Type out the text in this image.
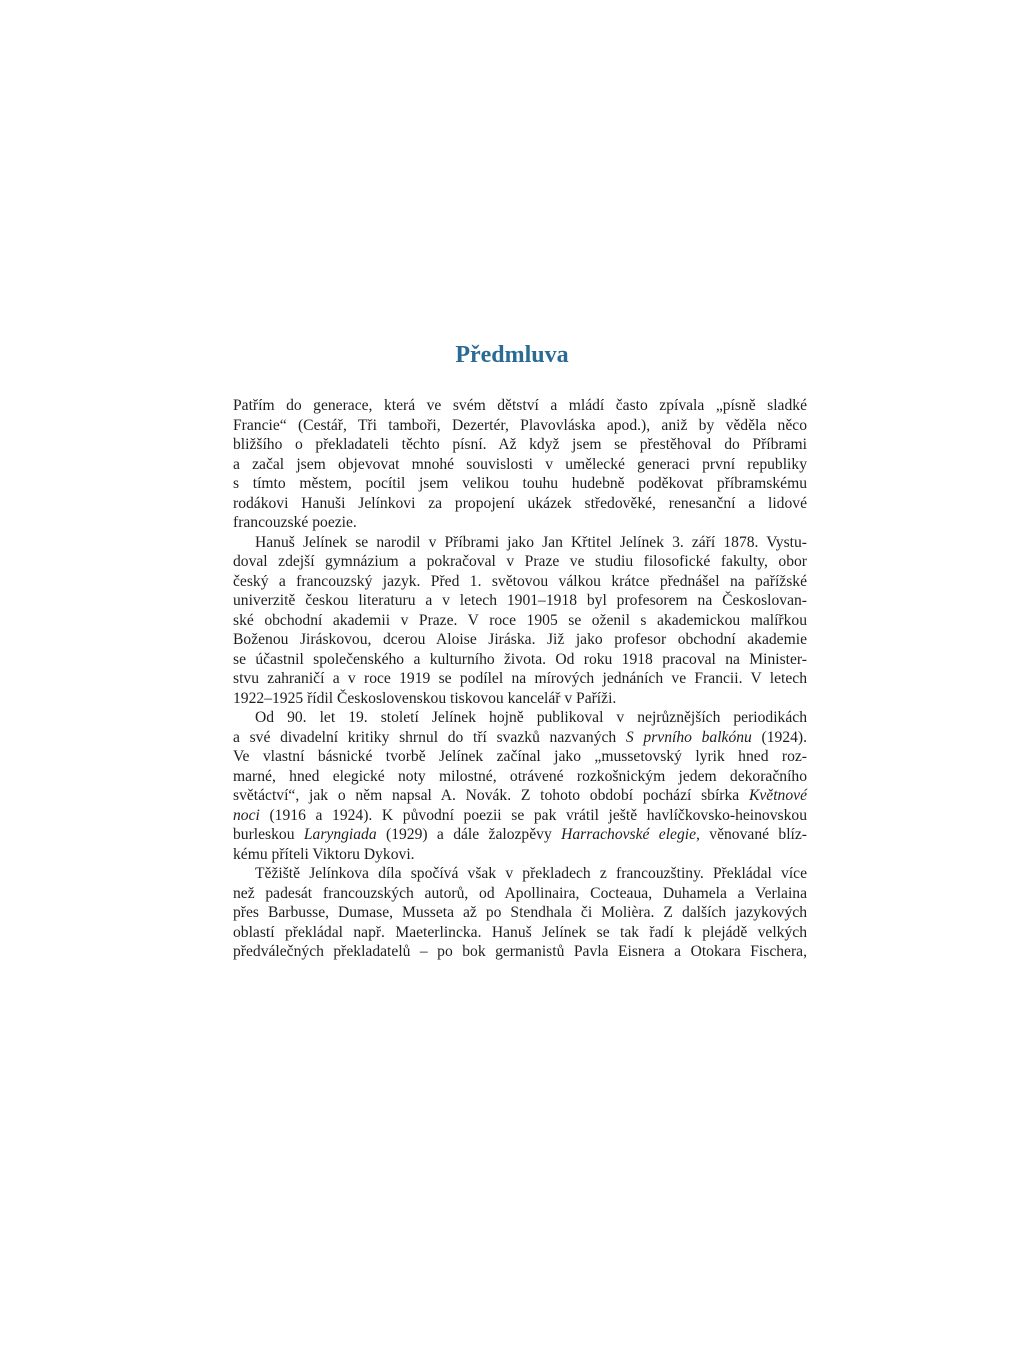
Předmluva
Patřím do generace, která ve svém dětství a mládí často zpívala „písně sladké
Francie“ (Cestář, Tři tamboři, Dezertér, Plavovláska apod.), aniž by věděla něco
bližšího o překladateli těchto písní. Až když jsem se přestěhoval do Příbrami
a začal jsem objevovat mnohé souvislosti v umělecké generaci první republiky
s tímto městem, pocítil jsem velikou touhu hudebně poděkovat příbramskému
rodákovi Hanuši Jelínkovi za propojení ukázek středověké, renesanční a lidové
francouzské poezie.
Hanuš Jelínek se narodil v Příbrami jako Jan Křtitel Jelínek 3. září 1878. Vystu-
doval zdejší gymnázium a pokračoval v Praze ve studiu filosofické fakulty, obor
český a francouzský jazyk. Před 1. světovou válkou krátce přednášel na pařížské
univerzitě českou literaturu a v letech 1901–1918 byl profesorem na Českoslovan-
ské obchodní akademii v Praze. V roce 1905 se oženil s akademickou malířkou
Boženou Jiráskovou, dcerou Aloise Jiráska. Již jako profesor obchodní akademie
se účastnil společenského a kulturního života. Od roku 1918 pracoval na Minister-
stvu zahraničí a v roce 1919 se podílel na mírových jednáních ve Francii. V letech
1922–1925 řídil Československou tiskovou kancelář v Paříži.
Od 90. let 19. století Jelínek hojně publikoval v nejrůznějších periodikách
a své divadelní kritiky shrnul do tří svazků nazvaných S prvního balkónu (1924).
Ve vlastní básnické tvorbě Jelínek začínal jako „mussetovský lyrik hned roz-
marné, hned elegické noty milostné, otrávené rozkošnickým jedem dekoračního
světáctví“, jak o něm napsal A. Novák. Z tohoto období pochází sbírka Květnové
noci (1916 a 1924). K původní poezii se pak vrátil ještě havlíčkovsko-heinovskou
burleskou Laryngiada (1929) a dále žalozpěvy Harrachovské elegie, věnované blíz-
kému příteli Viktoru Dykovi.
Těžiště Jelínkova díla spočívá však v překladech z francouzštiny. Překládal více
než padesát francouzských autorů, od Apollinaira, Cocteaua, Duhamela a Verlaina
přes Barbusse, Dumase, Musseta až po Stendhala či Molièra. Z dalších jazykových
oblastí překládal např. Maeterlincka. Hanuš Jelínek se tak řadí k plejádě velkých
předválečných překladatelů – po bok germanistů Pavla Eisnera a Otokara Fischera,
